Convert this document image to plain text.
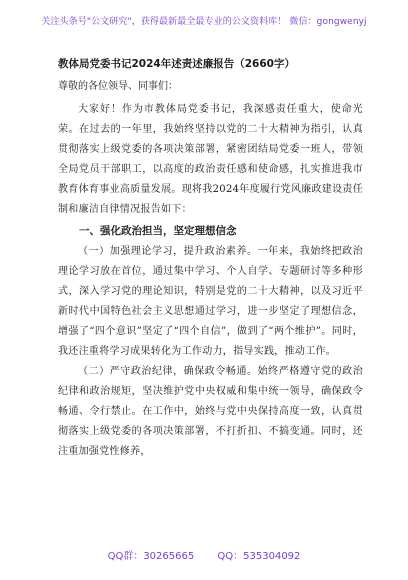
关注头条号"公文研究"，获得最新最全最专业的公文资料库！ 微信：gongwenyj

教体局党委书记2024年述责述廉报告（2660字）

尊敬的各位领导、同事们：

大家好！作为市教体局党委书记，我深感责任重大，使命光荣。在过去的一年里，我始终坚持以党的二十大精神为指引，认真贯彻落实上级党委的各项决策部署，紧密团结局党委一班人，带领全局党员干部职工，以高度的政治责任感和使命感，扎实推进我市教育体育事业高质量发展。现将我2024年度履行党风廉政建设责任制和廉洁自律情况报告如下：

一、强化政治担当，坚定理想信念

（一）加强理论学习，提升政治素养。一年来，我始终把政治理论学习放在首位，通过集中学习、个人自学、专题研讨等多种形式，深入学习党的理论知识，特别是党的二十大精神，以及习近平新时代中国特色社会主义思想通过学习，进一步坚定了理想信念，增强了“四个意识”坚定了“四个自信”，做到了“两个维护”。同时，我还注重将学习成果转化为工作动力，指导实践，推动工作。

（二）严守政治纪律，确保政令畅通。始终严格遵守党的政治纪律和政治规矩，坚决维护党中央权威和集中统一领导，确保政令畅通、令行禁止。在工作中，始终与党中央保持高度一致，认真贯彻落实上级党委的各项决策部署，不打折扣、不搞变通。同时，还注重加强党性修养，

QQ群：30265665 QQ：535304092
